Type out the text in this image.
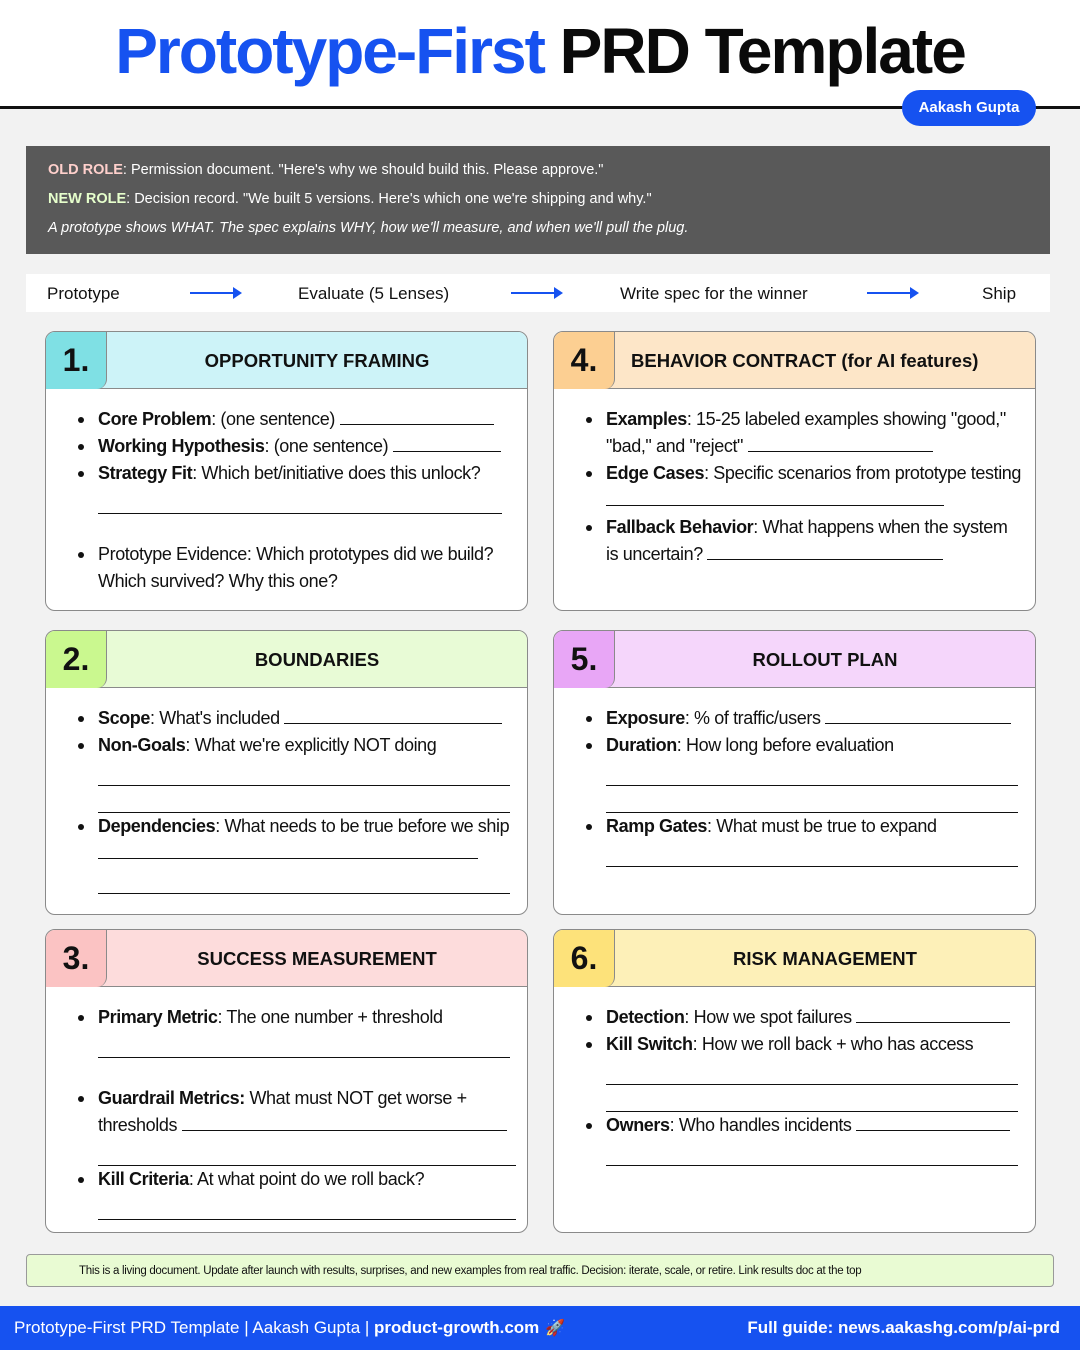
Prototype-First PRD Template
Aakash Gupta
OLD ROLE: Permission document. "Here's why we should build this. Please approve."
NEW ROLE: Decision record. "We built 5 versions. Here's which one we're shipping and why."
A prototype shows WHAT. The spec explains WHY, how we'll measure, and when we'll pull the plug.
Prototype	Evaluate (5 Lenses)	Write spec for the winner	Ship
1.	OPPORTUNITY FRAMING
Core Problem: (one sentence)
Working Hypothesis: (one sentence)
Strategy Fit: Which bet/initiative does this unlock?
Prototype Evidence: Which prototypes did we build? Which survived? Why this one?
4.	BEHAVIOR CONTRACT (for AI features)
Examples: 15-25 labeled examples showing "good," "bad," and "reject"
Edge Cases: Specific scenarios from prototype testing
Fallback Behavior: What happens when the system is uncertain?
2.	BOUNDARIES
Scope: What's included
Non-Goals: What we're explicitly NOT doing
Dependencies: What needs to be true before we ship
5.	ROLLOUT PLAN
Exposure: % of traffic/users
Duration: How long before evaluation
Ramp Gates: What must be true to expand
3.	SUCCESS MEASUREMENT
Primary Metric: The one number + threshold
Guardrail Metrics: What must NOT get worse + thresholds
Kill Criteria: At what point do we roll back?
6.	RISK MANAGEMENT
Detection: How we spot failures
Kill Switch: How we roll back + who has access
Owners: Who handles incidents
This is a living document. Update after launch with results, surprises, and new examples from real traffic. Decision: iterate, scale, or retire. Link results doc at the top
Prototype-First PRD Template | Aakash Gupta | product-growth.com 🚀	Full guide: news.aakashg.com/p/ai-prd
